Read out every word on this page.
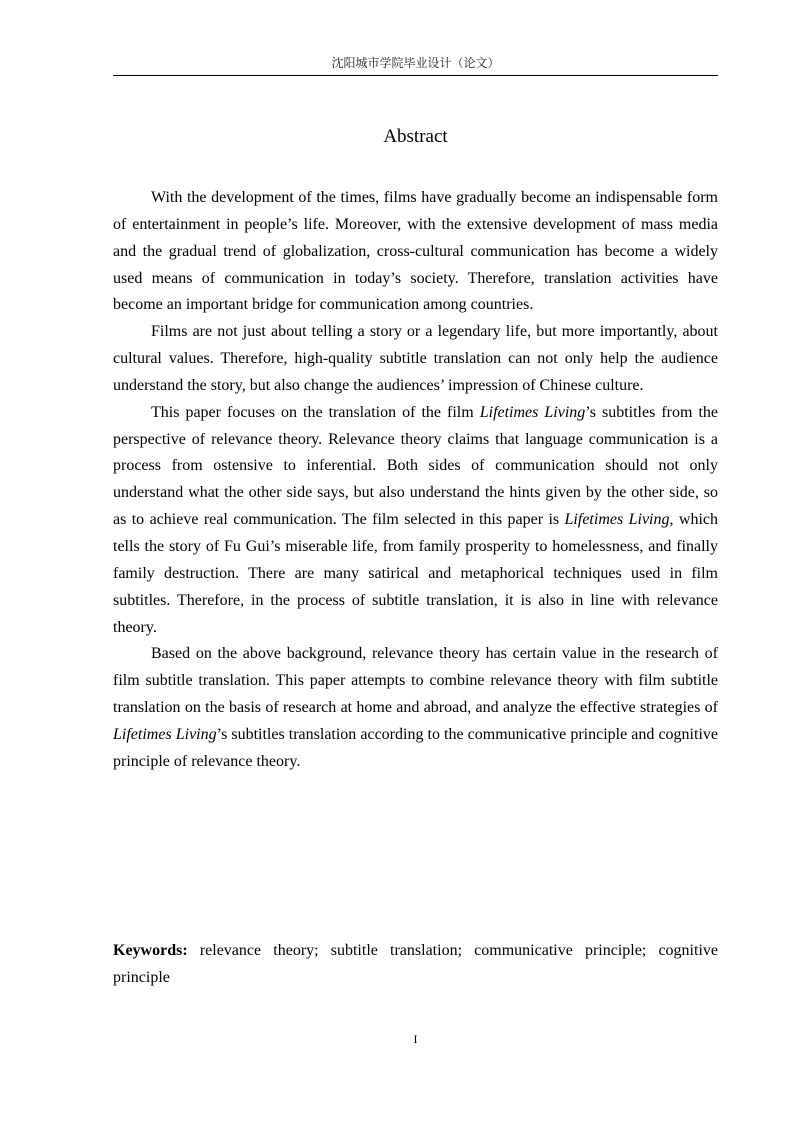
沈阳城市学院毕业设计（论文）
Abstract

With the development of the times, films have gradually become an indispensable form of entertainment in people’s life. Moreover, with the extensive development of mass media and the gradual trend of globalization, cross-cultural communication has become a widely used means of communication in today’s society. Therefore, translation activities have become an important bridge for communication among countries.

Films are not just about telling a story or a legendary life, but more importantly, about cultural values. Therefore, high-quality subtitle translation can not only help the audience understand the story, but also change the audiences’ impression of Chinese culture.

This paper focuses on the translation of the film Lifetimes Living’s subtitles from the perspective of relevance theory. Relevance theory claims that language communication is a process from ostensive to inferential. Both sides of communication should not only understand what the other side says, but also understand the hints given by the other side, so as to achieve real communication. The film selected in this paper is Lifetimes Living, which tells the story of Fu Gui’s miserable life, from family prosperity to homelessness, and finally family destruction. There are many satirical and metaphorical techniques used in film subtitles. Therefore, in the process of subtitle translation, it is also in line with relevance theory.

Based on the above background, relevance theory has certain value in the research of film subtitle translation. This paper attempts to combine relevance theory with film subtitle translation on the basis of research at home and abroad, and analyze the effective strategies of Lifetimes Living’s subtitles translation according to the communicative principle and cognitive principle of relevance theory.

Keywords: relevance theory; subtitle translation; communicative principle; cognitive principle

I
